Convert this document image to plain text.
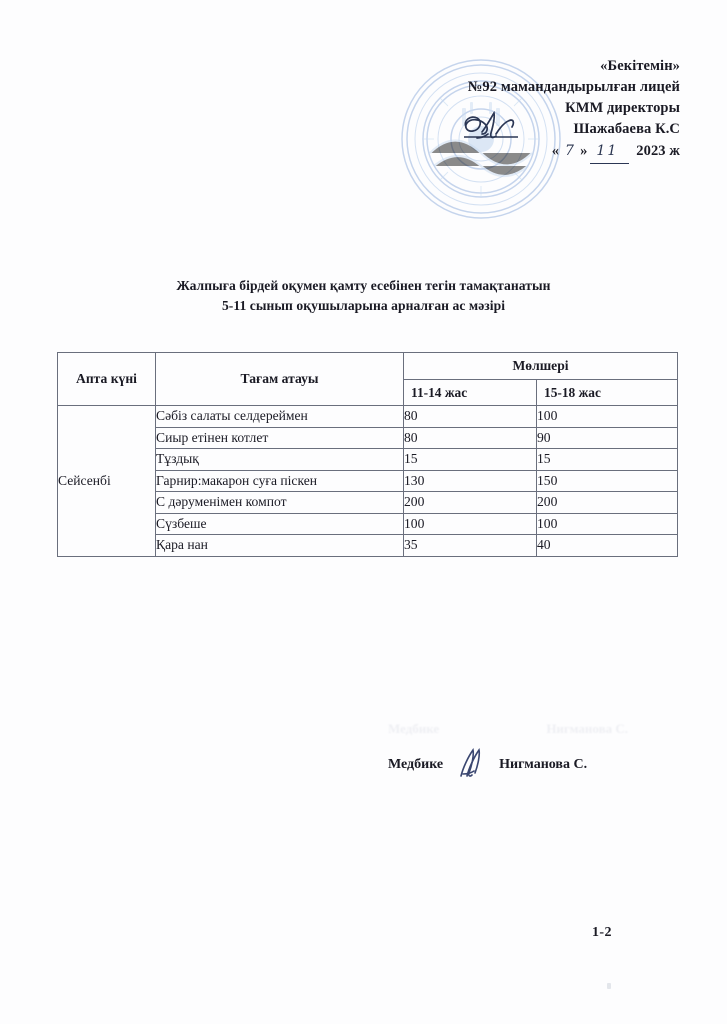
«Бекітемін»
№92 мамандандырылған лицей
КММ директоры
Шажабаева К.С
« 7 » 11	2023 ж
Жалпыға бірдей оқумен қамту есебінен тегін тамақтанатын
5-11 сынып оқушыларына арналған ас мәзірі
Апта күні	Тағам атауы	Мөлшері	
		11-14 жас	15-18 жас
Сейсенбі	Сәбіз салаты селдереймен	80	100
	Сиыр етінен котлет	80	90
	Тұздық	15	15
	Гарнир:макарон суға піскен	130	150
	С дәруменімен компот	200	200
	Сүзбеше	100	100
	Қара нан	35	40
Медбике	Нигманова С.
Медбике	Нигманова С.
1-2
